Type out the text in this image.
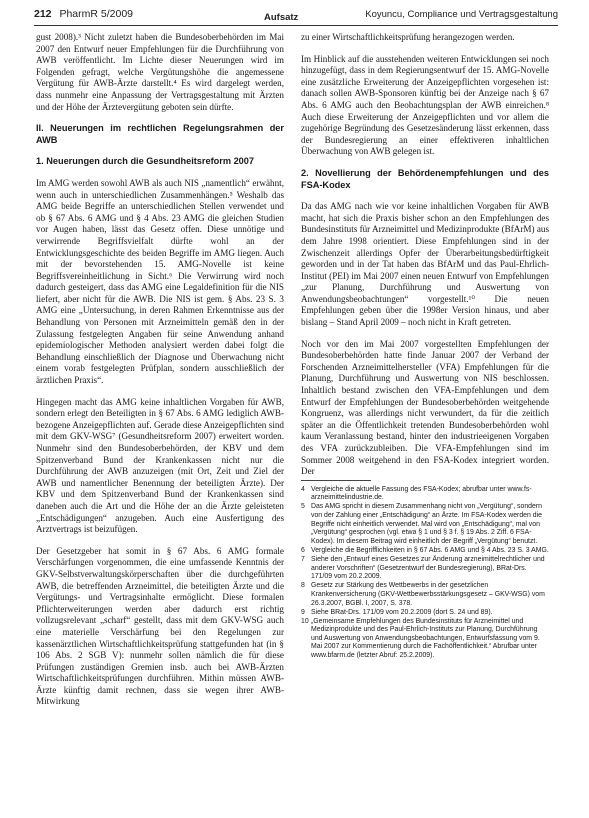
212 PharmR 5/2009	Aufsatz	Koyuncu, Compliance und Vertragsgestaltung

gust 2008).³ Nicht zuletzt haben die Bundesoberbehörden im Mai 2007 den Entwurf neuer Empfehlungen für die Durchführung von AWB veröffentlicht. Im Lichte dieser Neuerungen wird im Folgenden gefragt, welche Vergütungshöhe die angemessene Vergütung für AWB-Ärzte darstellt.⁴ Es wird dargelegt werden, dass nunmehr eine Anpassung der Vertragsgestaltung mit Ärzten und der Höhe der Ärztevergütung geboten sein dürfte.

II. Neuerungen im rechtlichen Regelungsrahmen der AWB
1. Neuerungen durch die Gesundheitsreform 2007

Im AMG werden sowohl AWB als auch NIS „namentlich“ erwähnt, wenn auch in unterschiedlichen Zusammenhängen.⁵ Weshalb das AMG beide Begriffe an unterschiedlichen Stellen verwendet und ob § 67 Abs. 6 AMG und § 4 Abs. 23 AMG die gleichen Studien vor Augen haben, lässt das Gesetz offen. Diese unnötige und verwirrende Begriffsvielfalt dürfte wohl an der Entwicklungsgeschichte des beiden Begriffe im AMG liegen. Auch mit der bevorstehenden 15. AMG-Novelle ist keine Begriffsvereinheitlichung in Sicht.⁶ Die Verwirrung wird noch dadurch gesteigert, dass das AMG eine Legaldefinition für die NIS liefert, aber nicht für die AWB. Die NIS ist gem. § Abs. 23 S. 3 AMG eine „Untersuchung, in deren Rahmen Erkenntnisse aus der Behandlung von Personen mit Arzneimitteln gemäß den in der Zulassung festgelegten Angaben für seine Anwendung anhand epidemiologischer Methoden analysiert werden dabei folgt die Behandlung einschließlich der Diagnose und Überwachung nicht einem vorab festgelegten Prüfplan, sondern ausschließlich der ärztlichen Praxis“.

Hingegen macht das AMG keine inhaltlichen Vorgaben für AWB, sondern erlegt den Beteiligten in § 67 Abs. 6 AMG lediglich AWB-bezogene Anzeigepflichten auf. Gerade diese Anzeigepflichten sind mit dem GKV-WSG⁷ (Gesundheitsreform 2007) erweitert worden. Nunmehr sind den Bundesoberbehörden, der KBV und dem Spitzenverband Bund der Krankenkassen nicht nur die Durchführung der AWB anzuzeigen (mit Ort, Zeit und Ziel der AWB und namentlicher Benennung der beteiligten Ärzte). Der KBV und dem Spitzenverband Bund der Krankenkassen sind daneben auch die Art und die Höhe der an die Ärzte geleisteten „Entschädigungen“ anzugeben. Auch eine Ausfertigung des Arztvertrags ist beizufügen.

Der Gesetzgeber hat somit in § 67 Abs. 6 AMG formale Verschärfungen vorgenommen, die eine umfassende Kenntnis der GKV-Selbstverwaltungskörperschaften über die durchgeführten AWB, die betreffenden Arzneimittel, die beteiligten Ärzte und die Vergütungs- und Vertragsinhalte ermöglicht. Diese formalen Pflichterweiterungen werden aber dadurch erst richtig vollzugsrelevant „scharf“ gestellt, dass mit dem GKV-WSG auch eine materielle Verschärfung bei den Regelungen zur kassenärztlichen Wirtschaftlichkeitsprüfung stattgefunden hat (in § 106 Abs. 2 SGB V): nunmehr sollen nämlich die für diese Prüfungen zuständigen Gremien insb. auch bei AWB-Ärzten Wirtschaftlichkeitsprüfungen durchführen. Mithin müssen AWB-Ärzte künftig damit rechnen, dass sie wegen ihrer AWB-Mitwirkung

zu einer Wirtschaftlichkeitsprüfung herangezogen werden.

Im Hinblick auf die ausstehenden weiteren Entwicklungen sei noch hinzugefügt, dass in dem Regierungsentwurf der 15. AMG-Novelle eine zusätzliche Erweiterung der Anzeigepflichten vorgesehen ist: danach sollen AWB-Sponsoren künftig bei der Anzeige nach § 67 Abs. 6 AMG auch den Beobachtungsplan der AWB einreichen.⁸ Auch diese Erweiterung der Anzeigepflichten und vor allem die zugehörige Begründung des Gesetzesänderung lässt erkennen, dass der Bundesregierung an einer effektiveren inhaltlichen Überwachung von AWB gelegen ist.

2. Novellierung der Behördenempfehlungen und des FSA-Kodex

Da das AMG nach wie vor keine inhaltlichen Vorgaben für AWB macht, hat sich die Praxis bisher schon an den Empfehlungen des Bundesinstituts für Arzneimittel und Medizinprodukte (BfArM) aus dem Jahre 1998 orientiert. Diese Empfehlungen sind in der Zwischenzeit allerdings Opfer der Überarbeitungsbedürftigkeit geworden und in der Tat haben das BfArM und das Paul-Ehrlich-Institut (PEI) im Mai 2007 einen neuen Entwurf von Empfehlungen „zur Planung, Durchführung und Auswertung von Anwendungsbeobachtungen“ vorgestellt.¹⁰ Die neuen Empfehlungen geben über die 1998er Version hinaus, und aber bislang – Stand April 2009 – noch nicht in Kraft getreten.

Noch vor den im Mai 2007 vorgestellten Empfehlungen der Bundesoberbehörden hatte finde Januar 2007 der Verband der Forschenden Arzneimittelhersteller (VFA) Empfehlungen für die Planung, Durchführung und Auswertung von NIS beschlossen. Inhaltlich bestand zwischen den VFA-Empfehlungen und dem Entwurf der Empfehlungen der Bundesoberbehörden weitgehende Kongruenz, was allerdings nicht verwundert, da für die zeitlich später an die Öffentlichkeit tretenden Bundesoberbehörden wohl kaum Veranlassung bestand, hinter den industrieeigenen Vorgaben des VFA zurückzubleiben. Die VFA-Empfehlungen sind im Sommer 2008 weitgehend in den FSA-Kodex integriert worden. Der

4 Vergleiche die aktuelle Fassung des FSA-Kodex; abrufbar unter www.fs-arzneimittelindustrie.de.
5 Das AMG spricht in diesem Zusammenhang nicht von „Vergütung“, sondern von der Zahlung einer „Entschädigung“ an Ärzte. Im FSA-Kodex werden die Begriffe nicht einheitlich verwendet. Mal wird von „Entschädigung“, mal von „Vergütung“ gesprochen (vgl. etwa § 1 und § 3 f. § 19 Abs. 2 Ziff. 6 FSA-Kodex). Im diesem Beitrag wird einheitlich der Begriff „Vergütung“ benutzt.
6 Vergleiche die Begrifflichkeiten in § 67 Abs. 6 AMG und § 4 Abs. 23 S. 3 AMG.
7 Siehe den „Entwurf eines Gesetzes zur Änderung arzneimittelrechtlicher und anderer Vorschriften“ (Gesetzentwurf der Bundesregierung), BRat-Drs. 171/09 vom 20.2.2009.
8 Gesetz zur Stärkung des Wettbewerbs in der gesetzlichen Krankenversicherung (GKV-Wettbewerbsstärkungsgesetz – GKV-WSG) vom 26.3.2007, BGBl. I, 2007, S. 378.
9 Siehe BRat-Drs. 171/09 vom 20.2.2009 (dort S. 24 und 89).
10 „Gemeinsame Empfehlungen des Bundesinstituts für Arzneimittel und Medizinprodukte und des Paul-Ehrlich-Instituts zur Planung, Durchführung und Auswertung von Anwendungsbeobachtungen, Entwurfsfassung vom 9. Mai 2007 zur Kommentierung durch die Fachöffentlichkeit.“ Abrufbar unter www.bfarm.de (letzter Abruf: 25.2.2009).
